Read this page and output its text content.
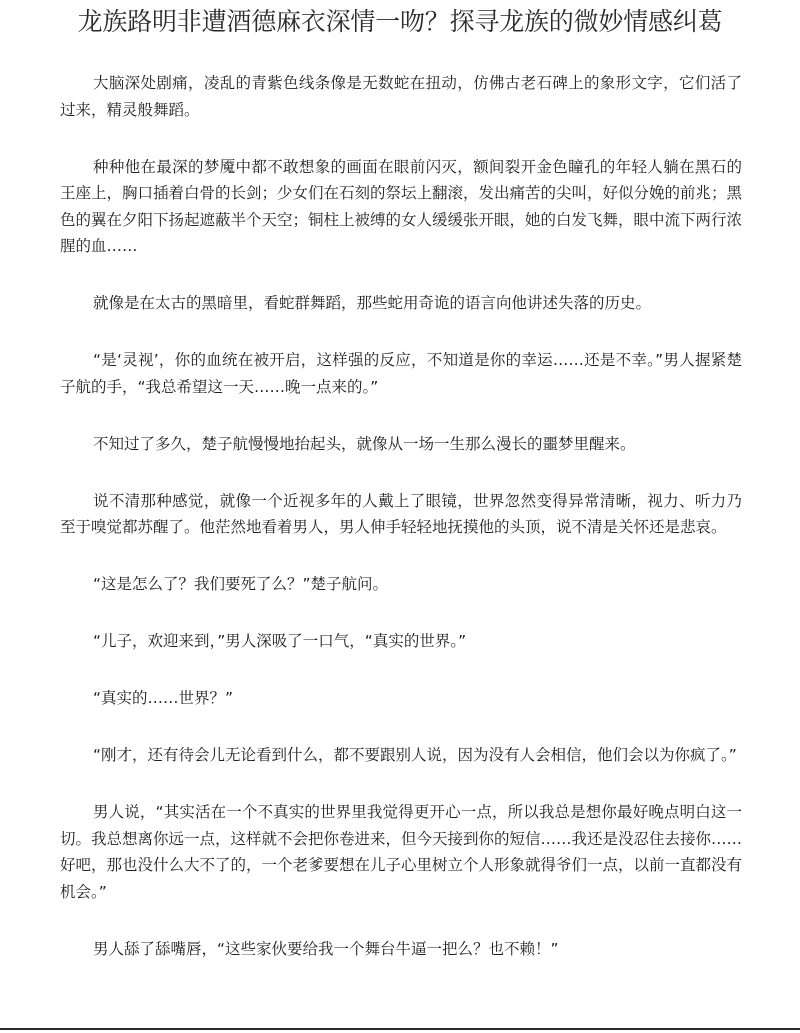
龙族路明非遭酒德麻衣深情一吻？探寻龙族的微妙情感纠葛

大脑深处剧痛，凌乱的青紫色线条像是无数蛇在扭动，仿佛古老石碑上的象形文字，它们活了过来，精灵般舞蹈。

种种他在最深的梦魇中都不敢想象的画面在眼前闪灭，额间裂开金色瞳孔的年轻人躺在黑石的王座上，胸口插着白骨的长剑；少女们在石刻的祭坛上翻滚，发出痛苦的尖叫，好似分娩的前兆；黑色的翼在夕阳下扬起遮蔽半个天空；铜柱上被缚的女人缓缓张开眼，她的白发飞舞，眼中流下两行浓腥的血……

就像是在太古的黑暗里，看蛇群舞蹈，那些蛇用奇诡的语言向他讲述失落的历史。

“是‘灵视’，你的血统在被开启，这样强的反应，不知道是你的幸运……还是不幸。”男人握紧楚子航的手，“我总希望这一天……晚一点来的。”

不知过了多久，楚子航慢慢地抬起头，就像从一场一生那么漫长的噩梦里醒来。

说不清那种感觉，就像一个近视多年的人戴上了眼镜，世界忽然变得异常清晰，视力、听力乃至于嗅觉都苏醒了。他茫然地看着男人，男人伸手轻轻地抚摸他的头顶，说不清是关怀还是悲哀。

“这是怎么了？我们要死了么？”楚子航问。

“儿子，欢迎来到，”男人深吸了一口气，“真实的世界。”

“真实的……世界？”

“刚才，还有待会儿无论看到什么，都不要跟别人说，因为没有人会相信，他们会以为你疯了。”

男人说，“其实活在一个不真实的世界里我觉得更开心一点，所以我总是想你最好晚点明白这一切。我总想离你远一点，这样就不会把你卷进来，但今天接到你的短信……我还是没忍住去接你……好吧，那也没什么大不了的，一个老爹要想在儿子心里树立个人形象就得爷们一点，以前一直都没有机会。”

男人舔了舔嘴唇，“这些家伙要给我一个舞台牛逼一把么？也不赖！”
